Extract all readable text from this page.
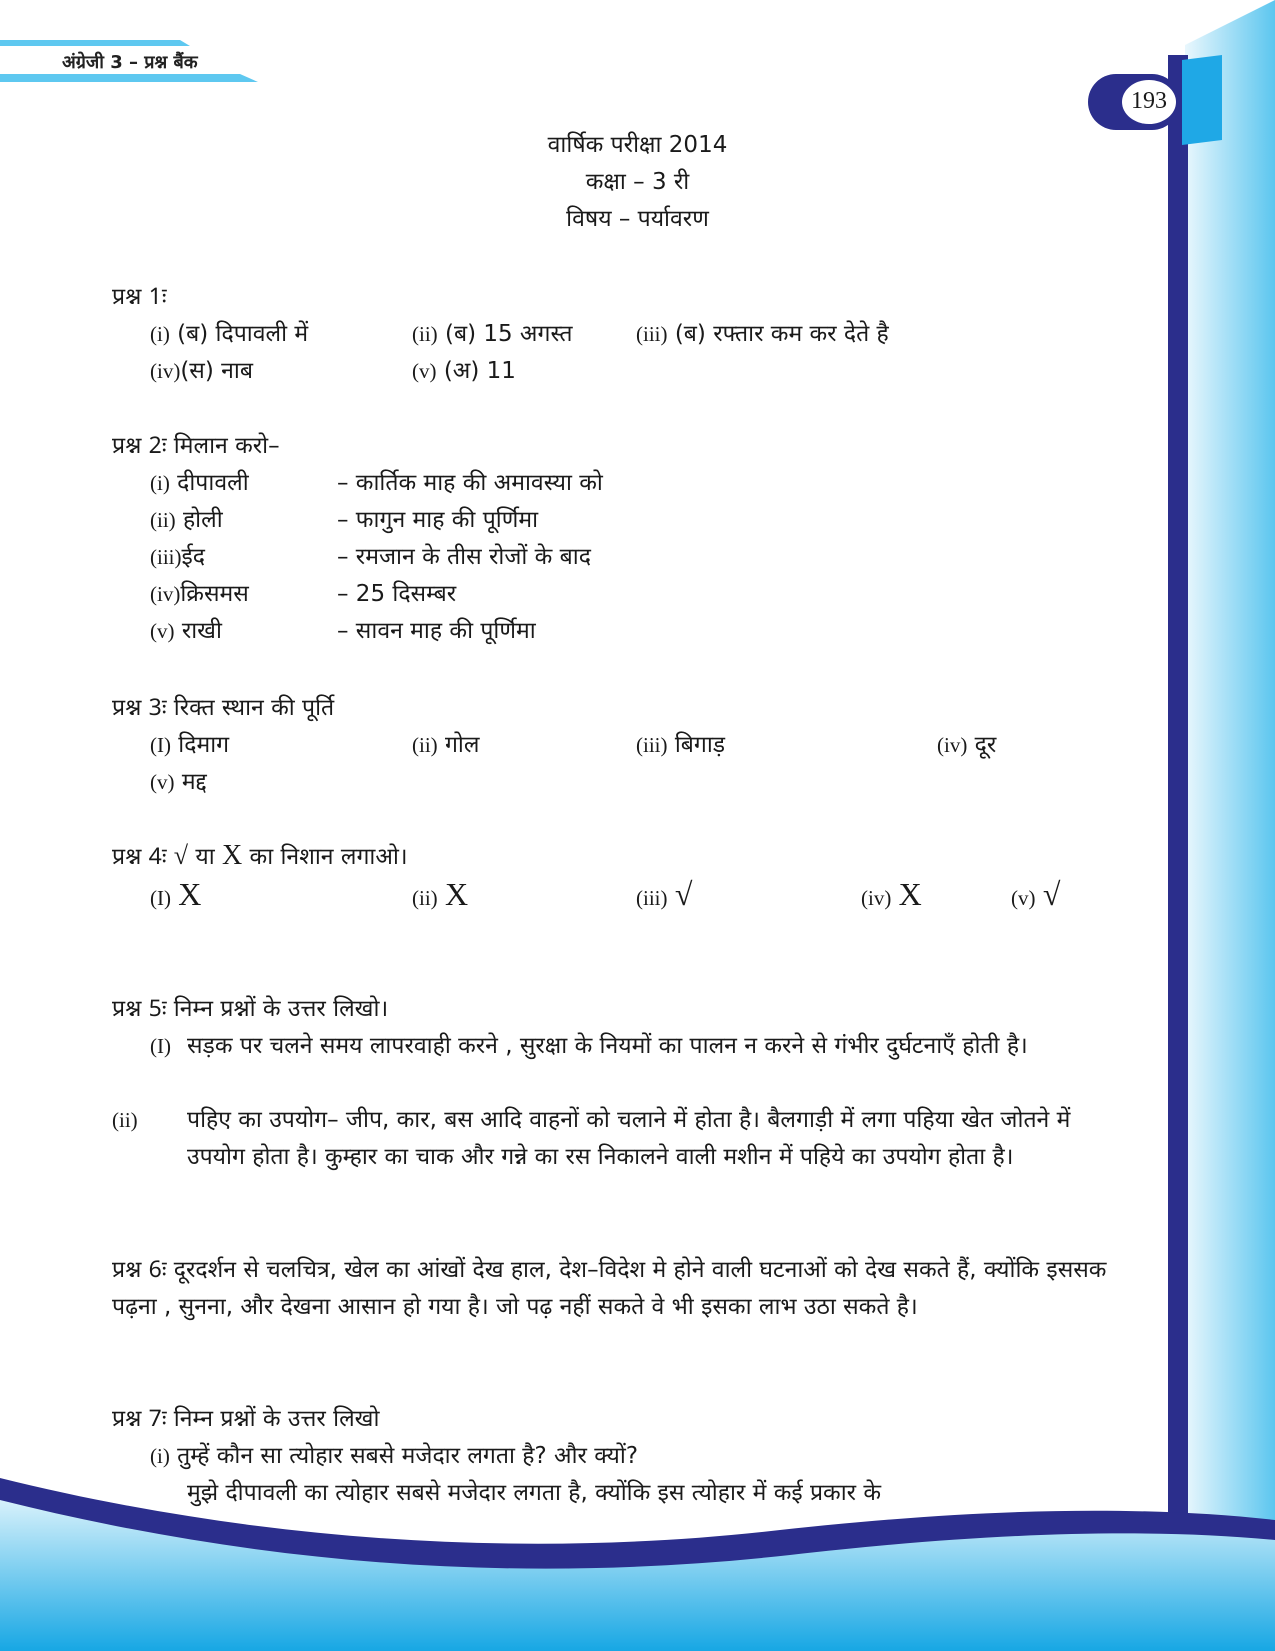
अंग्रेजी 3 – प्रश्न बैंक
193
वार्षिक परीक्षा 2014
कक्षा – 3 री
विषय – पर्यावरण
प्रश्न 1ः
(i) (ब) दिपावली में	(ii) (ब) 15 अगस्त	(iii) (ब) रफ्तार कम कर देते है
(iv)(स) नाब	(v) (अ) 11
प्रश्न 2ः मिलान करो–
(i) दीपावली	– कार्तिक माह की अमावस्या को
(ii) होली	– फागुन माह की पूर्णिमा
(iii)ईद	– रमजान के तीस रोजों के बाद
(iv)क्रिसमस	– 25 दिसम्बर
(v) राखी	– सावन माह की पूर्णिमा
प्रश्न 3ः रिक्त स्थान की पूर्ति
(I) दिमाग	(ii) गोल	(iii) बिगाड़	(iv) दूर
(v) मद्द
प्रश्न 4ः √ या X का निशान लगाओ।
(I) X	(ii) X	(iii) √	(iv) X	(v) √
प्रश्न 5ः निम्न प्रश्नों के उत्तर लिखो।
(I) सड़क पर चलने समय लापरवाही करने , सुरक्षा के नियमों का पालन न करने से गंभीर दुर्घटनाएँ होती है।
(ii) पहिए का उपयोग– जीप, कार, बस आदि वाहनों को चलाने में होता है। बैलगाड़ी में लगा पहिया खेत जोतने में उपयोग होता है। कुम्हार का चाक और गन्ने का रस निकालने वाली मशीन में पहिये का उपयोग होता है।
प्रश्न 6ः दूरदर्शन से चलचित्र, खेल का आंखों देख हाल, देश–विदेश मे होने वाली घटनाओं को देख सकते हैं, क्योंकि इससक पढ़ना , सुनना, और देखना आसान हो गया है। जो पढ़ नहीं सकते वे भी इसका लाभ उठा सकते है।
प्रश्न 7ः निम्न प्रश्नों के उत्तर लिखो
(i) तुम्हें कौन सा त्योहार सबसे मजेदार लगता है? और क्यों?
मुझे दीपावली का त्योहार सबसे मजेदार लगता है, क्योंकि इस त्योहार में कई प्रकार के
